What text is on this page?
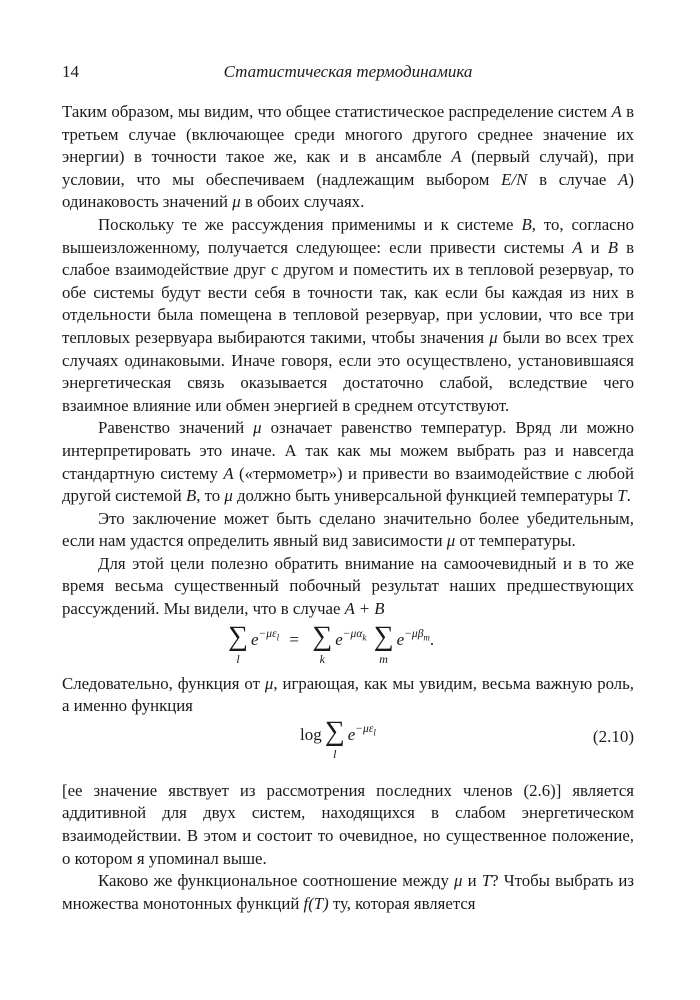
14	Статистическая термодинамика

Таким образом, мы видим, что общее статистическое распределение систем A в третьем случае (включающее среди многого другого среднее значение их энергии) в точности такое же, как и в ансамбле A (первый случай), при условии, что мы обеспечиваем (надлежащим выбором E/N в случае A) одинаковость значений μ в обоих случаях.

Поскольку те же рассуждения применимы и к системе B, то, согласно вышеизложенному, получается следующее: если привести системы A и B в слабое взаимодействие друг с другом и поместить их в тепловой резервуар, то обе системы будут вести себя в точности так, как если бы каждая из них в отдельности была помещена в тепловой резервуар, при условии, что все три тепловых резервуара выбираются такими, чтобы значения μ были во всех трех случаях одинаковыми. Иначе говоря, если это осуществлено, установившаяся энергетическая связь оказывается достаточно слабой, вследствие чего взаимное влияние или обмен энергией в среднем отсутствуют.

Равенство значений μ означает равенство температур. Вряд ли можно интерпретировать это иначе. А так как мы можем выбрать раз и навсегда стандартную систему A («термометр») и привести во взаимодействие с любой другой системой B, то μ должно быть универсальной функцией температуры T.

Это заключение может быть сделано значительно более убедительным, если нам удастся определить явный вид зависимости μ от температуры.

Для этой цели полезно обратить внимание на самоочевидный и в то же время весьма существенный побочный результат наших предшествующих рассуждений. Мы видели, что в случае A + B

∑
l
$e^{-\mu\varepsilon_l}$ = ∑
k
$e^{-\mu\alpha_k}$ ∑
m
$e^{-\mu\beta_m}$.

Следовательно, функция от μ, играющая, как мы увидим, весьма важную роль, а именно функция

log ∑
l
$e^{-\mu\varepsilon_l}$	(2.10)

[ее значение явствует из рассмотрения последних членов (2.6)] является аддитивной для двух систем, находящихся в слабом энергетическом взаимодействии. В этом и состоит то очевидное, но существенное положение, о котором я упоминал выше.

Каково же функциональное соотношение между μ и T? Чтобы выбрать из множества монотонных функций f(T) ту, которая является
